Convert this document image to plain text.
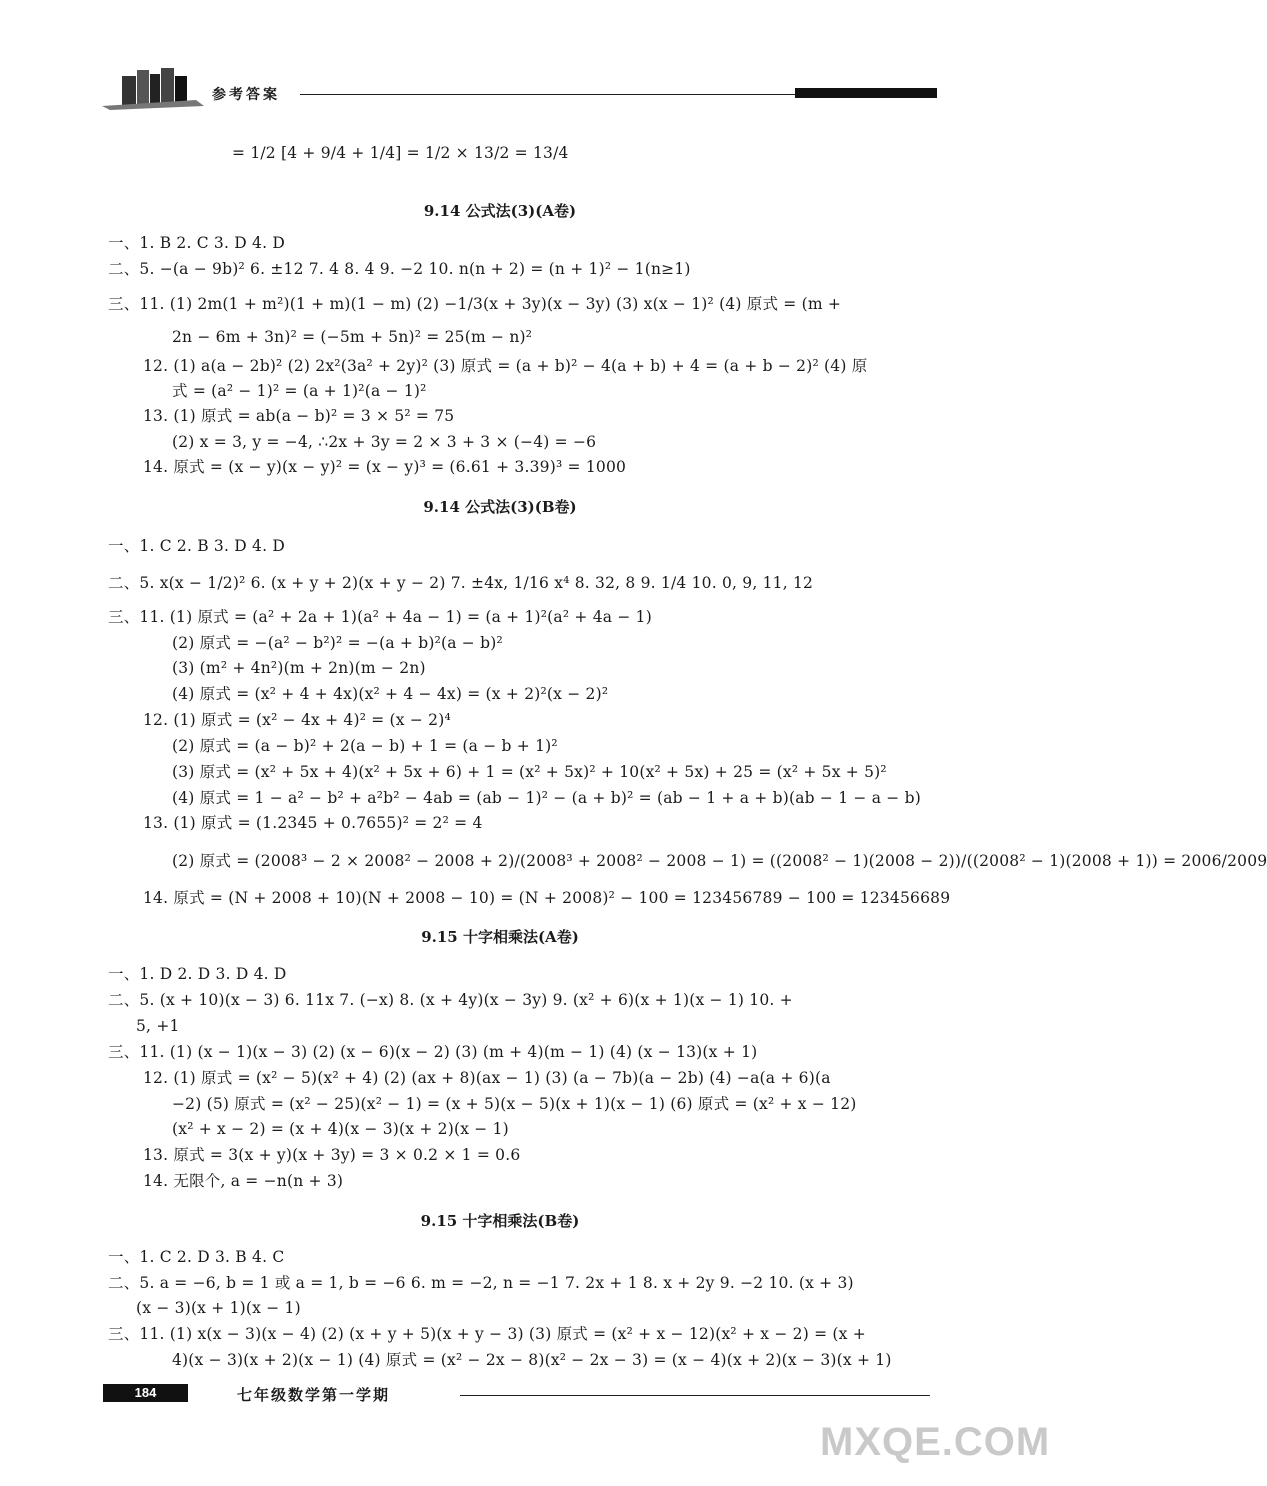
参考答案
= 1/2 [4 + 9/4 + 1/4] = 1/2 × 13/2 = 13/4
9.14 公式法(3)(A卷)
一、1. B 2. C 3. D 4. D
二、5. −(a − 9b)² 6. ±12 7. 4 8. 4 9. −2 10. n(n + 2) = (n + 1)² − 1(n≥1)
三、11. (1) 2m(1 + m²)(1 + m)(1 − m) (2) −1/3(x + 3y)(x − 3y) (3) x(x − 1)² (4) 原式 = (m +
2n − 6m + 3n)² = (−5m + 5n)² = 25(m − n)²
12. (1) a(a − 2b)² (2) 2x²(3a² + 2y)² (3) 原式 = (a + b)² − 4(a + b) + 4 = (a + b − 2)² (4) 原
式 = (a² − 1)² = (a + 1)²(a − 1)²
13. (1) 原式 = ab(a − b)² = 3 × 5² = 75
(2) x = 3, y = −4, ∴2x + 3y = 2 × 3 + 3 × (−4) = −6
14. 原式 = (x − y)(x − y)² = (x − y)³ = (6.61 + 3.39)³ = 1000
9.14 公式法(3)(B卷)
一、1. C 2. B 3. D 4. D
二、5. x(x − 1/2)² 6. (x + y + 2)(x + y − 2) 7. ±4x, 1/16 x⁴ 8. 32, 8 9. 1/4 10. 0, 9, 11, 12
三、11. (1) 原式 = (a² + 2a + 1)(a² + 4a − 1) = (a + 1)²(a² + 4a − 1)
(2) 原式 = −(a² − b²)² = −(a + b)²(a − b)²
(3) (m² + 4n²)(m + 2n)(m − 2n)
(4) 原式 = (x² + 4 + 4x)(x² + 4 − 4x) = (x + 2)²(x − 2)²
12. (1) 原式 = (x² − 4x + 4)² = (x − 2)⁴
(2) 原式 = (a − b)² + 2(a − b) + 1 = (a − b + 1)²
(3) 原式 = (x² + 5x + 4)(x² + 5x + 6) + 1 = (x² + 5x)² + 10(x² + 5x) + 25 = (x² + 5x + 5)²
(4) 原式 = 1 − a² − b² + a²b² − 4ab = (ab − 1)² − (a + b)² = (ab − 1 + a + b)(ab − 1 − a − b)
13. (1) 原式 = (1.2345 + 0.7655)² = 2² = 4
(2) 原式 = (2008³ − 2 × 2008² − 2008 + 2)/(2008³ + 2008² − 2008 − 1) = ((2008² − 1)(2008 − 2))/((2008² − 1)(2008 + 1)) = 2006/2009
14. 原式 = (N + 2008 + 10)(N + 2008 − 10) = (N + 2008)² − 100 = 123456789 − 100 = 123456689
9.15 十字相乘法(A卷)
一、1. D 2. D 3. D 4. D
二、5. (x + 10)(x − 3) 6. 11x 7. (−x) 8. (x + 4y)(x − 3y) 9. (x² + 6)(x + 1)(x − 1) 10. +
5, +1
三、11. (1) (x − 1)(x − 3) (2) (x − 6)(x − 2) (3) (m + 4)(m − 1) (4) (x − 13)(x + 1)
12. (1) 原式 = (x² − 5)(x² + 4) (2) (ax + 8)(ax − 1) (3) (a − 7b)(a − 2b) (4) −a(a + 6)(a
−2) (5) 原式 = (x² − 25)(x² − 1) = (x + 5)(x − 5)(x + 1)(x − 1) (6) 原式 = (x² + x − 12)
(x² + x − 2) = (x + 4)(x − 3)(x + 2)(x − 1)
13. 原式 = 3(x + y)(x + 3y) = 3 × 0.2 × 1 = 0.6
14. 无限个, a = −n(n + 3)
9.15 十字相乘法(B卷)
一、1. C 2. D 3. B 4. C
二、5. a = −6, b = 1 或 a = 1, b = −6 6. m = −2, n = −1 7. 2x + 1 8. x + 2y 9. −2 10. (x + 3)
(x − 3)(x + 1)(x − 1)
三、11. (1) x(x − 3)(x − 4) (2) (x + y + 5)(x + y − 3) (3) 原式 = (x² + x − 12)(x² + x − 2) = (x +
4)(x − 3)(x + 2)(x − 1) (4) 原式 = (x² − 2x − 8)(x² − 2x − 3) = (x − 4)(x + 2)(x − 3)(x + 1)
184	七年级数学第一学期
MXQE.COM
